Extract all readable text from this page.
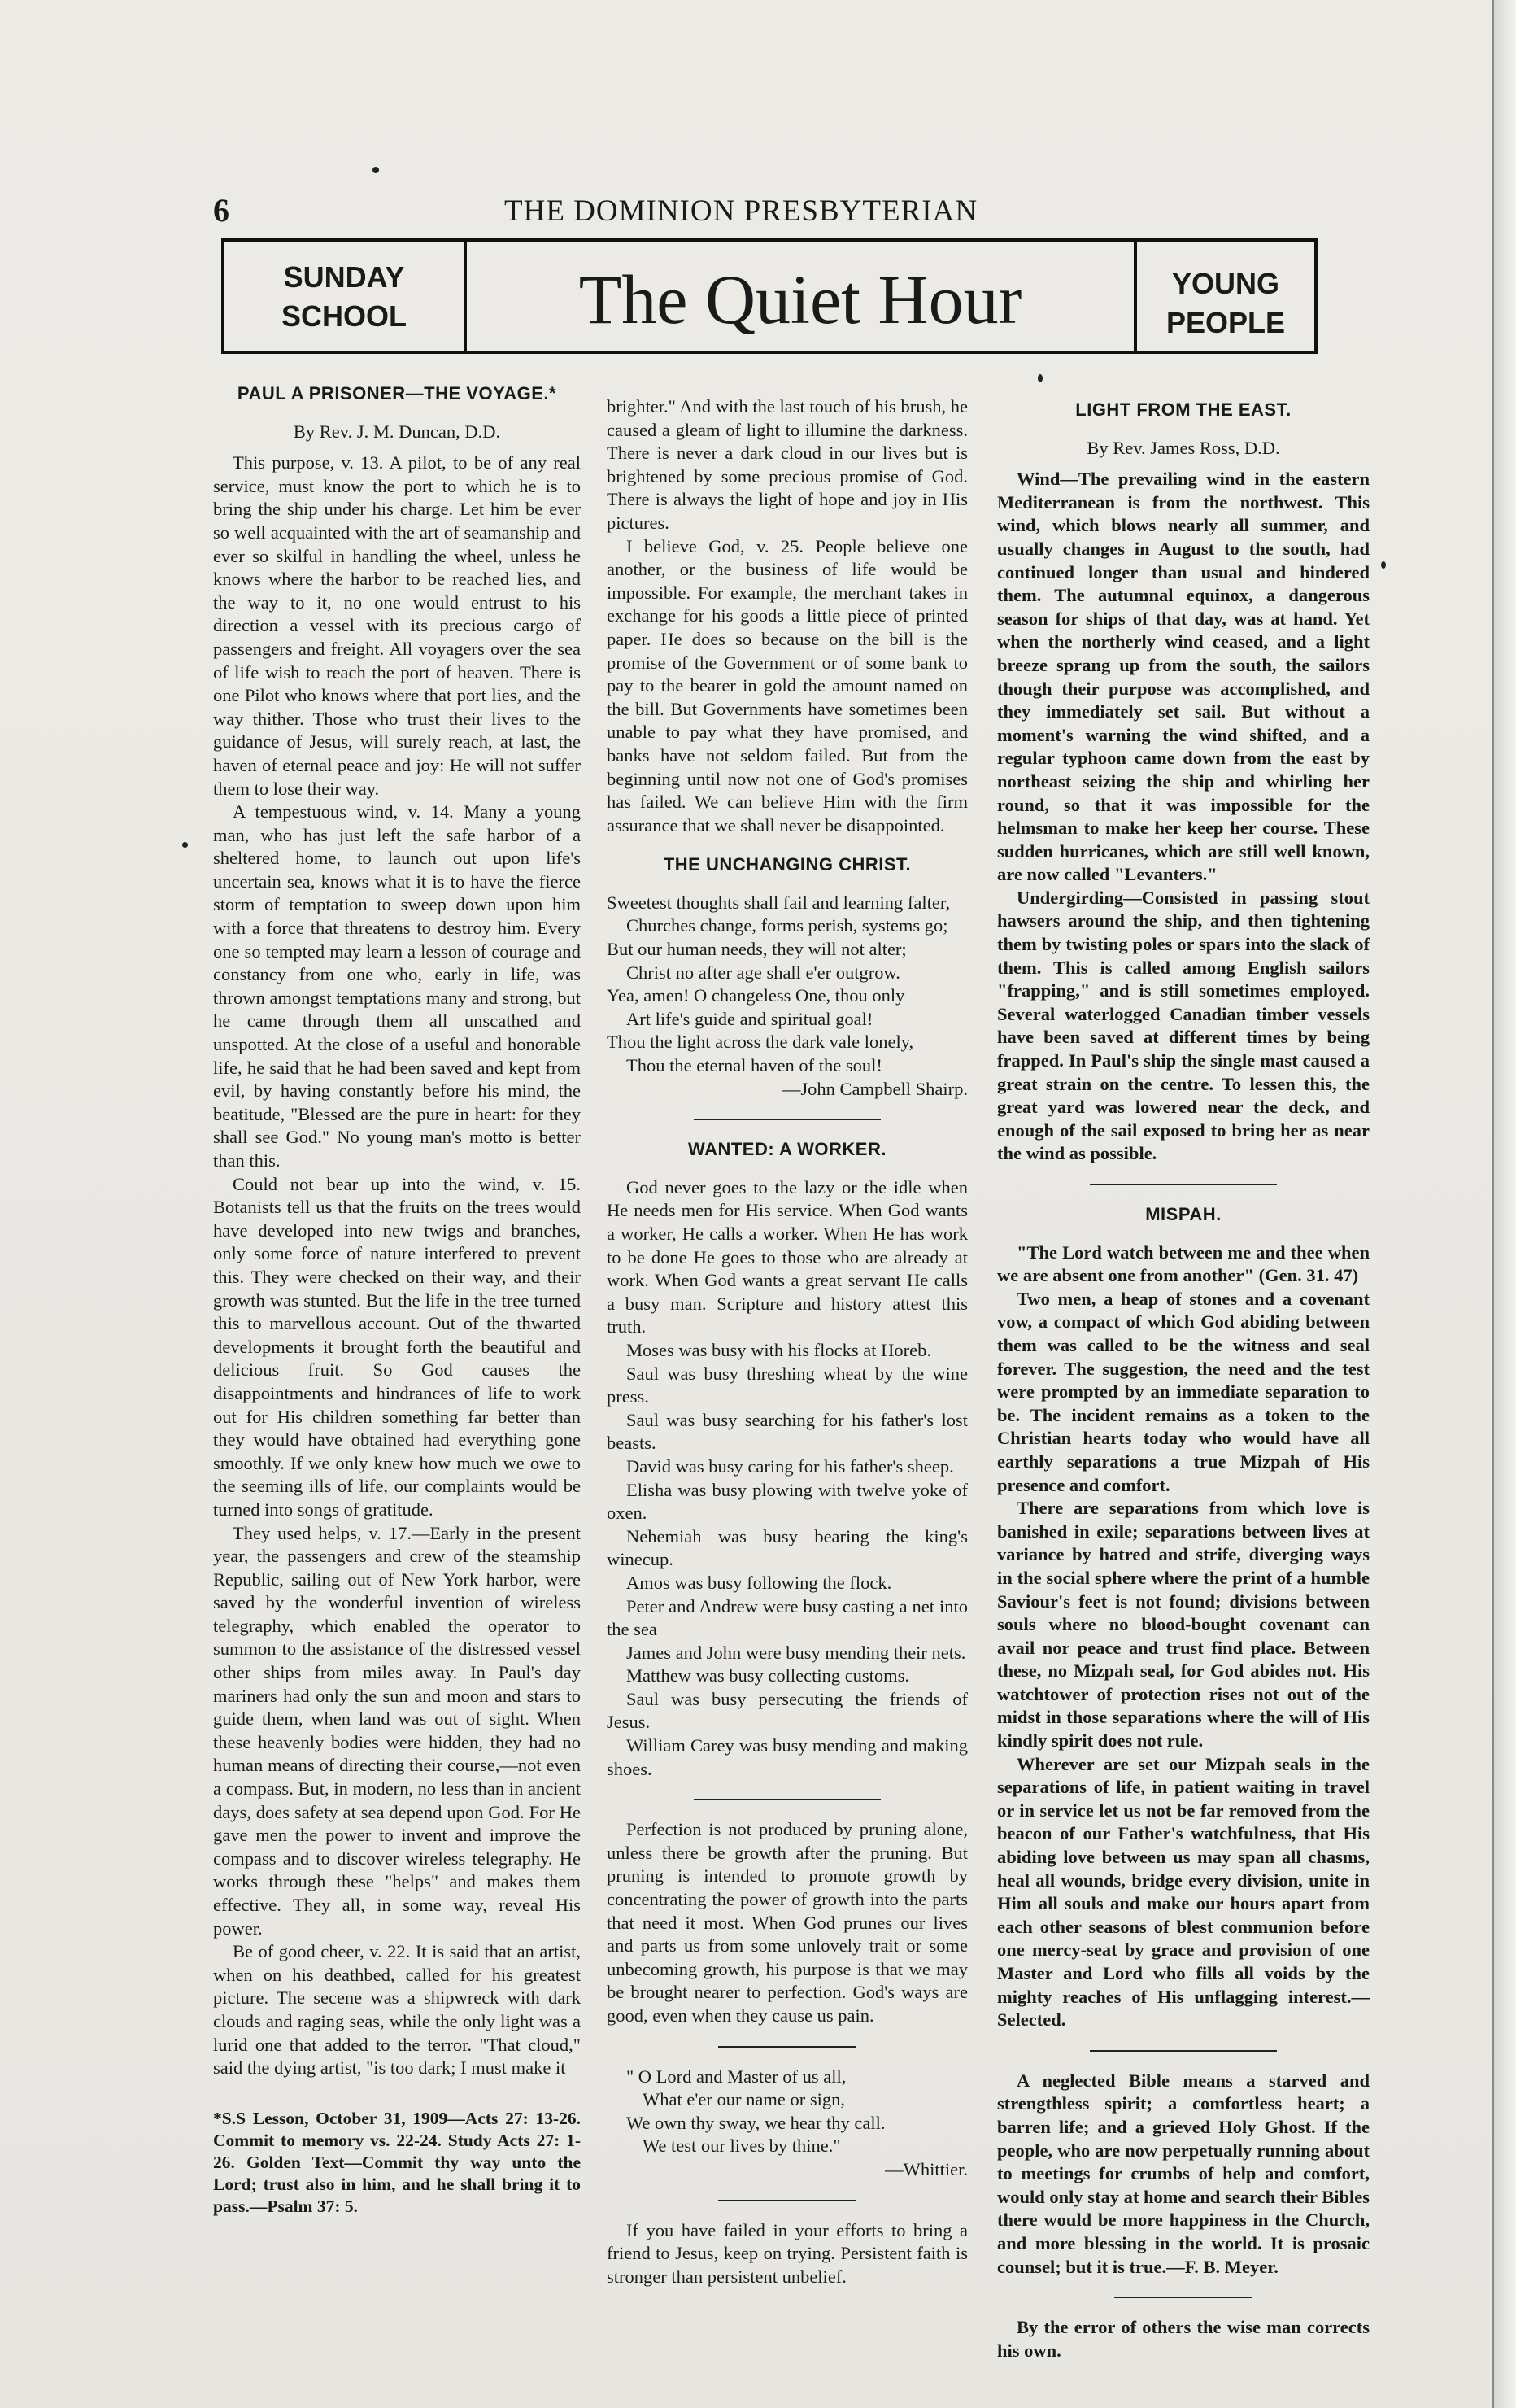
6	THE DOMINION PRESBYTERIAN
SUNDAY
SCHOOL	The Quiet Hour	YOUNG
PEOPLE
PAUL A PRISONER—THE VOYAGE.*
By Rev. J. M. Duncan, D.D.

This purpose, v. 13. A pilot, to be of any real service, must know the port to which he is to bring the ship under his charge. Let him be ever so well acquainted with the art of seamanship and ever so skilful in handling the wheel, unless he knows where the harbor to be reached lies, and the way to it, no one would entrust to his direction a vessel with its precious cargo of passengers and freight. All voyagers over the sea of life wish to reach the port of heaven. There is one Pilot who knows where that port lies, and the way thither. Those who trust their lives to the guidance of Jesus, will surely reach, at last, the haven of eternal peace and joy: He will not suffer them to lose their way.

A tempestuous wind, v. 14. Many a young man, who has just left the safe harbor of a sheltered home, to launch out upon life's uncertain sea, knows what it is to have the fierce storm of temptation to sweep down upon him with a force that threatens to destroy him. Every one so tempted may learn a lesson of courage and constancy from one who, early in life, was thrown amongst temptations many and strong, but he came through them all unscathed and unspotted. At the close of a useful and honorable life, he said that he had been saved and kept from evil, by having constantly before his mind, the beatitude, "Blessed are the pure in heart: for they shall see God." No young man's motto is better than this.

Could not bear up into the wind, v. 15. Botanists tell us that the fruits on the trees would have developed into new twigs and branches, only some force of nature interfered to prevent this. They were checked on their way, and their growth was stunted. But the life in the tree turned this to marvellous account. Out of the thwarted developments it brought forth the beautiful and delicious fruit. So God causes the disappointments and hindrances of life to work out for His children something far better than they would have obtained had everything gone smoothly. If we only knew how much we owe to the seeming ills of life, our complaints would be turned into songs of gratitude.

They used helps, v. 17.—Early in the present year, the passengers and crew of the steamship Republic, sailing out of New York harbor, were saved by the wonderful invention of wireless telegraphy, which enabled the operator to summon to the assistance of the distressed vessel other ships from miles away. In Paul's day mariners had only the sun and moon and stars to guide them, when land was out of sight. When these heavenly bodies were hidden, they had no human means of directing their course,—not even a compass. But, in modern, no less than in ancient days, does safety at sea depend upon God. For He gave men the power to invent and improve the compass and to discover wireless telegraphy. He works through these "helps" and makes them effective. They all, in some way, reveal His power.

Be of good cheer, v. 22. It is said that an artist, when on his deathbed, called for his greatest picture. The secene was a shipwreck with dark clouds and raging seas, while the only light was a lurid one that added to the terror. "That cloud," said the dying artist, "is too dark; I must make it

*S.S Lesson, October 31, 1909—Acts 27: 13-26. Commit to memory vs. 22-24. Study Acts 27: 1-26. Golden Text—Commit thy way unto the Lord; trust also in him, and he shall bring it to pass.—Psalm 37: 5.

brighter." And with the last touch of his brush, he caused a gleam of light to illumine the darkness. There is never a dark cloud in our lives but is brightened by some precious promise of God. There is always the light of hope and joy in His pictures.

I believe God, v. 25. People believe one another, or the business of life would be impossible. For example, the merchant takes in exchange for his goods a little piece of printed paper. He does so because on the bill is the promise of the Government or of some bank to pay to the bearer in gold the amount named on the bill. But Governments have sometimes been unable to pay what they have promised, and banks have not seldom failed. But from the beginning until now not one of God's promises has failed. We can believe Him with the firm assurance that we shall never be disappointed.

THE UNCHANGING CHRIST.

Sweetest thoughts shall fail and learning falter,

Churches change, forms perish, systems go;

But our human needs, they will not alter;

Christ no after age shall e'er outgrow.

Yea, amen! O changeless One, thou only

Art life's guide and spiritual goal!

Thou the light across the dark vale lonely,

Thou the eternal haven of the soul!

—John Campbell Shairp.

WANTED: A WORKER.

God never goes to the lazy or the idle when He needs men for His service. When God wants a worker, He calls a worker. When He has work to be done He goes to those who are already at work. When God wants a great servant He calls a busy man. Scripture and history attest this truth.

Moses was busy with his flocks at Horeb.

Saul was busy threshing wheat by the wine press.

Saul was busy searching for his father's lost beasts.

David was busy caring for his father's sheep.

Elisha was busy plowing with twelve yoke of oxen.

Nehemiah was busy bearing the king's winecup.

Amos was busy following the flock.

Peter and Andrew were busy casting a net into the sea

James and John were busy mending their nets.

Matthew was busy collecting customs.

Saul was busy persecuting the friends of Jesus.

William Carey was busy mending and making shoes.

Perfection is not produced by pruning alone, unless there be growth after the pruning. But pruning is intended to promote growth by concentrating the power of growth into the parts that need it most. When God prunes our lives and parts us from some unlovely trait or some unbecoming growth, his purpose is that we may be brought nearer to perfection. God's ways are good, even when they cause us pain.

" O Lord and Master of us all,

What e'er our name or sign,

We own thy sway, we hear thy call.

We test our lives by thine."

—Whittier.

If you have failed in your efforts to bring a friend to Jesus, keep on trying. Persistent faith is stronger than persistent unbelief.

LIGHT FROM THE EAST.
By Rev. James Ross, D.D.

Wind—The prevailing wind in the eastern Mediterranean is from the northwest. This wind, which blows nearly all summer, and usually changes in August to the south, had continued longer than usual and hindered them. The autumnal equinox, a dangerous season for ships of that day, was at hand. Yet when the northerly wind ceased, and a light breeze sprang up from the south, the sailors though their purpose was accomplished, and they immediately set sail. But without a moment's warning the wind shifted, and a regular typhoon came down from the east by northeast seizing the ship and whirling her round, so that it was impossible for the helmsman to make her keep her course. These sudden hurricanes, which are still well known, are now called "Levanters."

Undergirding—Consisted in passing stout hawsers around the ship, and then tightening them by twisting poles or spars into the slack of them. This is called among English sailors "frapping," and is still sometimes employed. Several waterlogged Canadian timber vessels have been saved at different times by being frapped. In Paul's ship the single mast caused a great strain on the centre. To lessen this, the great yard was lowered near the deck, and enough of the sail exposed to bring her as near the wind as possible.

MISPAH.

"The Lord watch between me and thee when we are absent one from another" (Gen. 31. 47)

Two men, a heap of stones and a covenant vow, a compact of which God abiding between them was called to be the witness and seal forever. The suggestion, the need and the test were prompted by an immediate separation to be. The incident remains as a token to the Christian hearts today who would have all earthly separations a true Mizpah of His presence and comfort.

There are separations from which love is banished in exile; separations between lives at variance by hatred and strife, diverging ways in the social sphere where the print of a humble Saviour's feet is not found; divisions between souls where no blood-bought covenant can avail nor peace and trust find place. Between these, no Mizpah seal, for God abides not. His watchtower of protection rises not out of the midst in those separations where the will of His kindly spirit does not rule.

Wherever are set our Mizpah seals in the separations of life, in patient waiting in travel or in service let us not be far removed from the beacon of our Father's watchfulness, that His abiding love between us may span all chasms, heal all wounds, bridge every division, unite in Him all souls and make our hours apart from each other seasons of blest communion before one mercy-seat by grace and provision of one Master and Lord who fills all voids by the mighty reaches of His unflagging interest.—Selected.

A neglected Bible means a starved and strengthless spirit; a comfortless heart; a barren life; and a grieved Holy Ghost. If the people, who are now perpetually running about to meetings for crumbs of help and comfort, would only stay at home and search their Bibles there would be more happiness in the Church, and more blessing in the world. It is prosaic counsel; but it is true.—F. B. Meyer.

By the error of others the wise man corrects his own.
